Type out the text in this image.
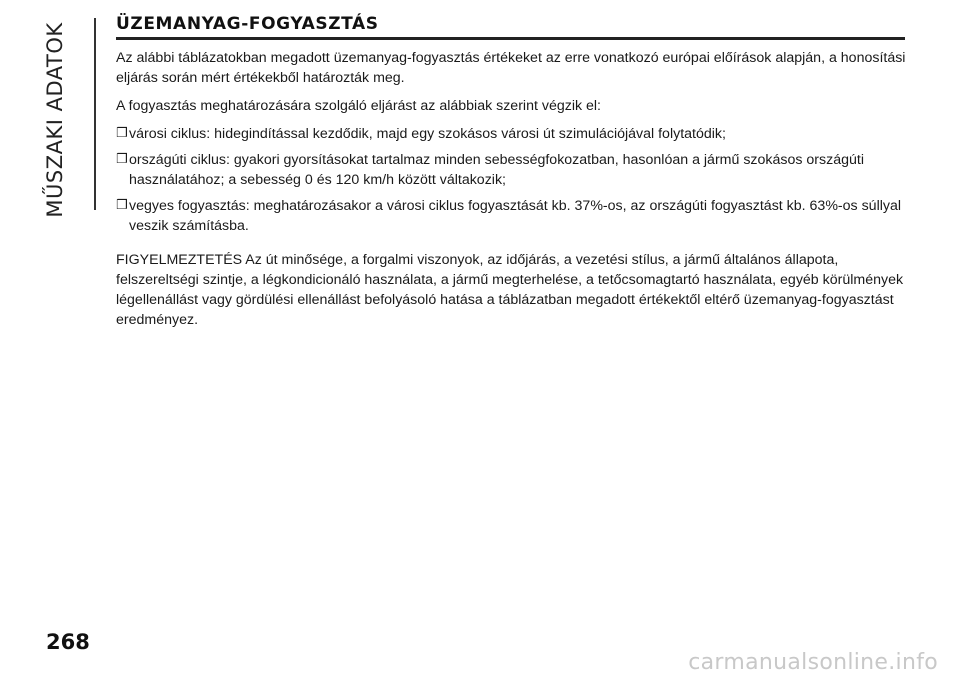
MŰSZAKI ADATOK	ÜZEMANYAG-FOGYASZTÁS

Az alábbi táblázatokban megadott üzemanyag-fogyasztás értékeket az erre vonatkozó európai előírások alapján, a honosítási eljárás során mért értékekből határozták meg.

A fogyasztás meghatározására szolgáló eljárást az alábbiak szerint végzik el:

❒ városi ciklus: hidegindítással kezdődik, majd egy szokásos városi út szimulációjával folytatódik;
❒ országúti ciklus: gyakori gyorsításokat tartalmaz minden sebességfokozatban, hasonlóan a jármű szokásos országúti használatához; a sebesség 0 és 120 km/h között váltakozik;
❒ vegyes fogyasztás: meghatározásakor a városi ciklus fogyasztását kb. 37%-os, az országúti fogyasztást kb. 63%-os súllyal veszik számításba.

FIGYELMEZTETÉS Az út minősége, a forgalmi viszonyok, az időjárás, a vezetési stílus, a jármű általános állapota, felszereltségi szintje, a légkondicionáló használata, a jármű megterhelése, a tetőcsomagtartó használata, egyéb körülmények légellenállást vagy gördülési ellenállást befolyásoló hatása a táblázatban megadott értékektől eltérő üzemanyag-fogyasztást eredményez.

268
carmanualsonline.info
